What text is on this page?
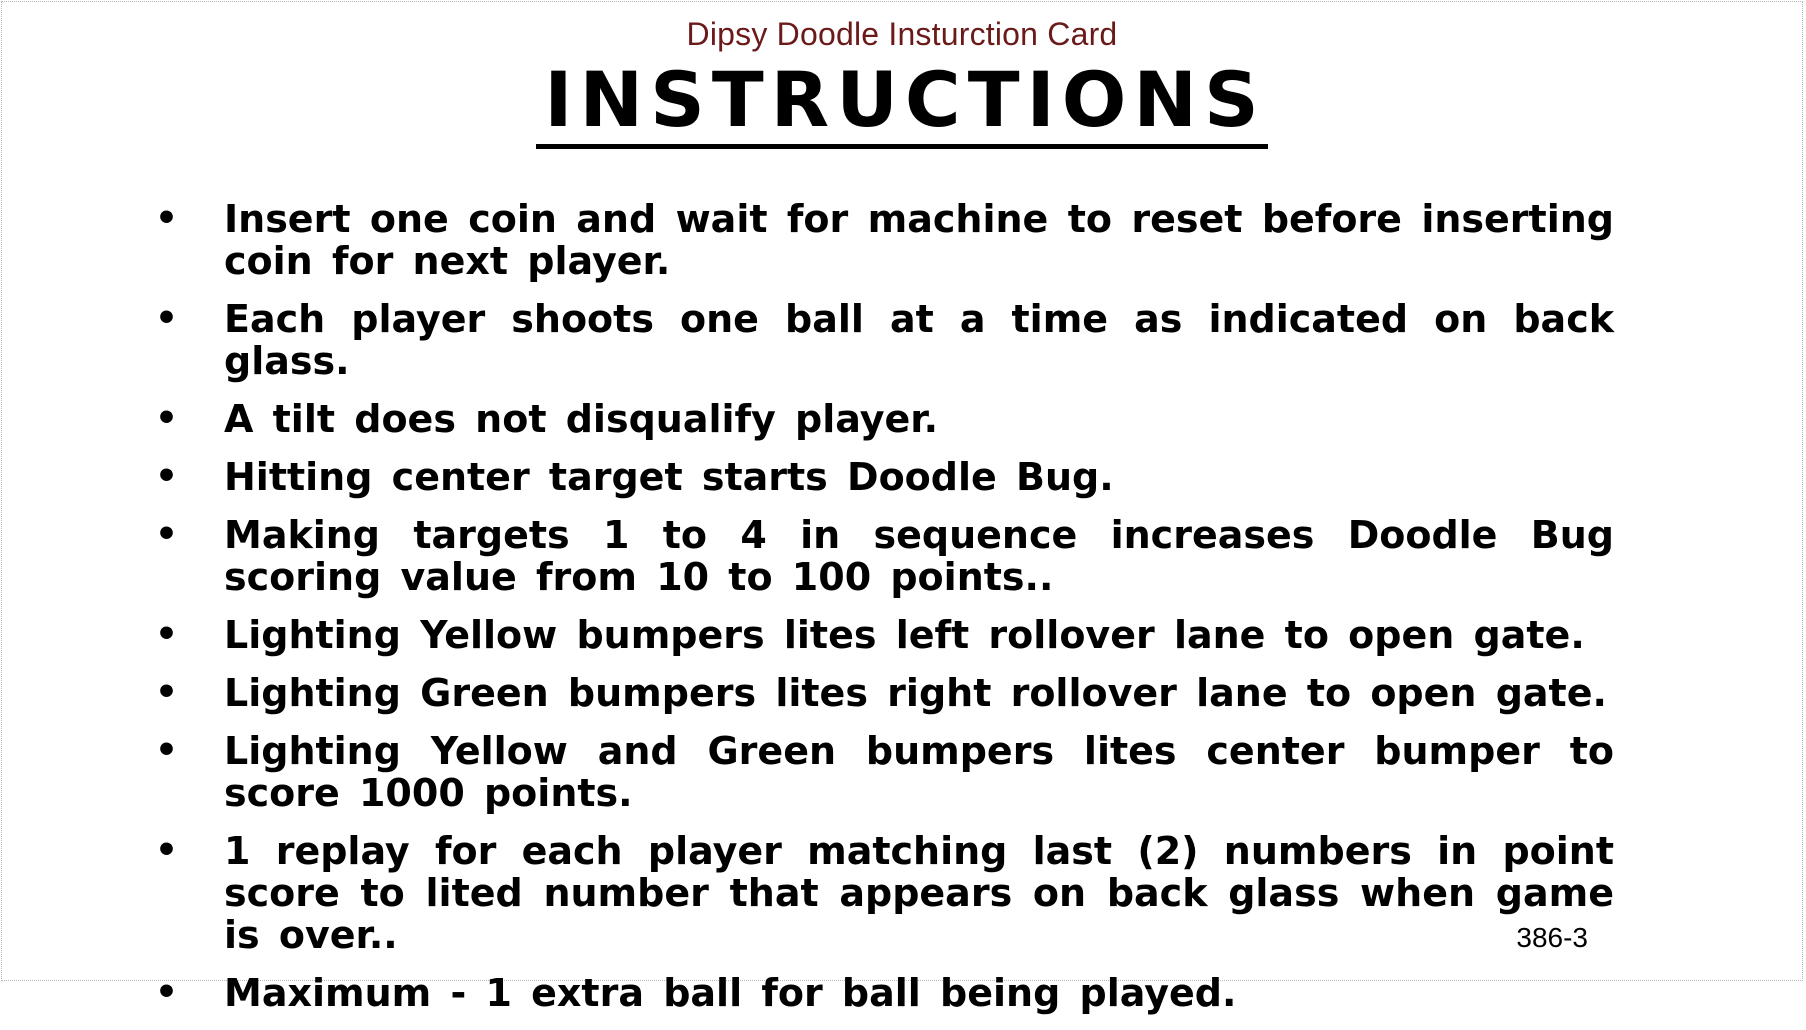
Dipsy Doodle Insturction Card
INSTRUCTIONS
• Insert one coin and wait for machine to reset before inserting coin for next player.
• Each player shoots one ball at a time as indicated on back glass.
• A tilt does not disqualify player.
• Hitting center target starts Doodle Bug.
• Making targets 1 to 4 in sequence increases Doodle Bug scoring value from 10 to 100 points..
• Lighting Yellow bumpers lites left rollover lane to open gate.
• Lighting Green bumpers lites right rollover lane to open gate.
• Lighting Yellow and Green bumpers lites center bumper to score 1000 points.
• 1 replay for each player matching last (2) numbers in point score to lited number that appears on back glass when game is over..
• Maximum - 1 extra ball for ball being played.
386-3
